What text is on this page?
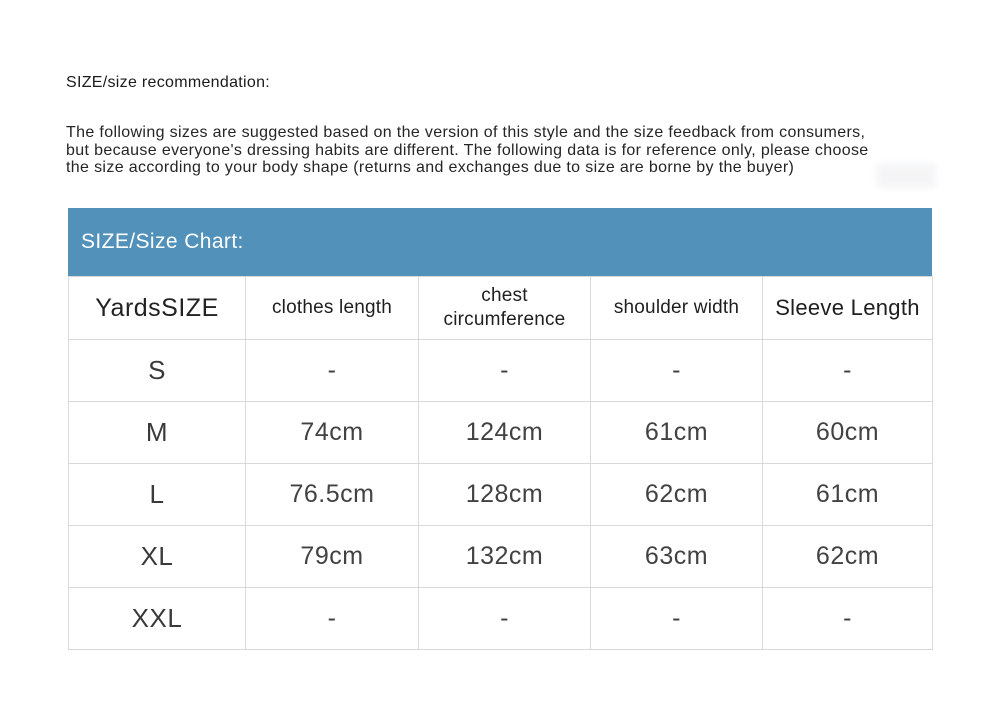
SIZE/size recommendation:
The following sizes are suggested based on the version of this style and the size feedback from consumers,
but because everyone's dressing habits are different. The following data is for reference only, please choose
the size according to your body shape (returns and exchanges due to size are borne by the buyer)
SIZE/Size Chart:
YardsSIZE	clothes length	chest circumference	shoulder width	Sleeve Length
S	-	-	-	-
M	74cm	124cm	61cm	60cm
L	76.5cm	128cm	62cm	61cm
XL	79cm	132cm	63cm	62cm
XXL	-	-	-	-
